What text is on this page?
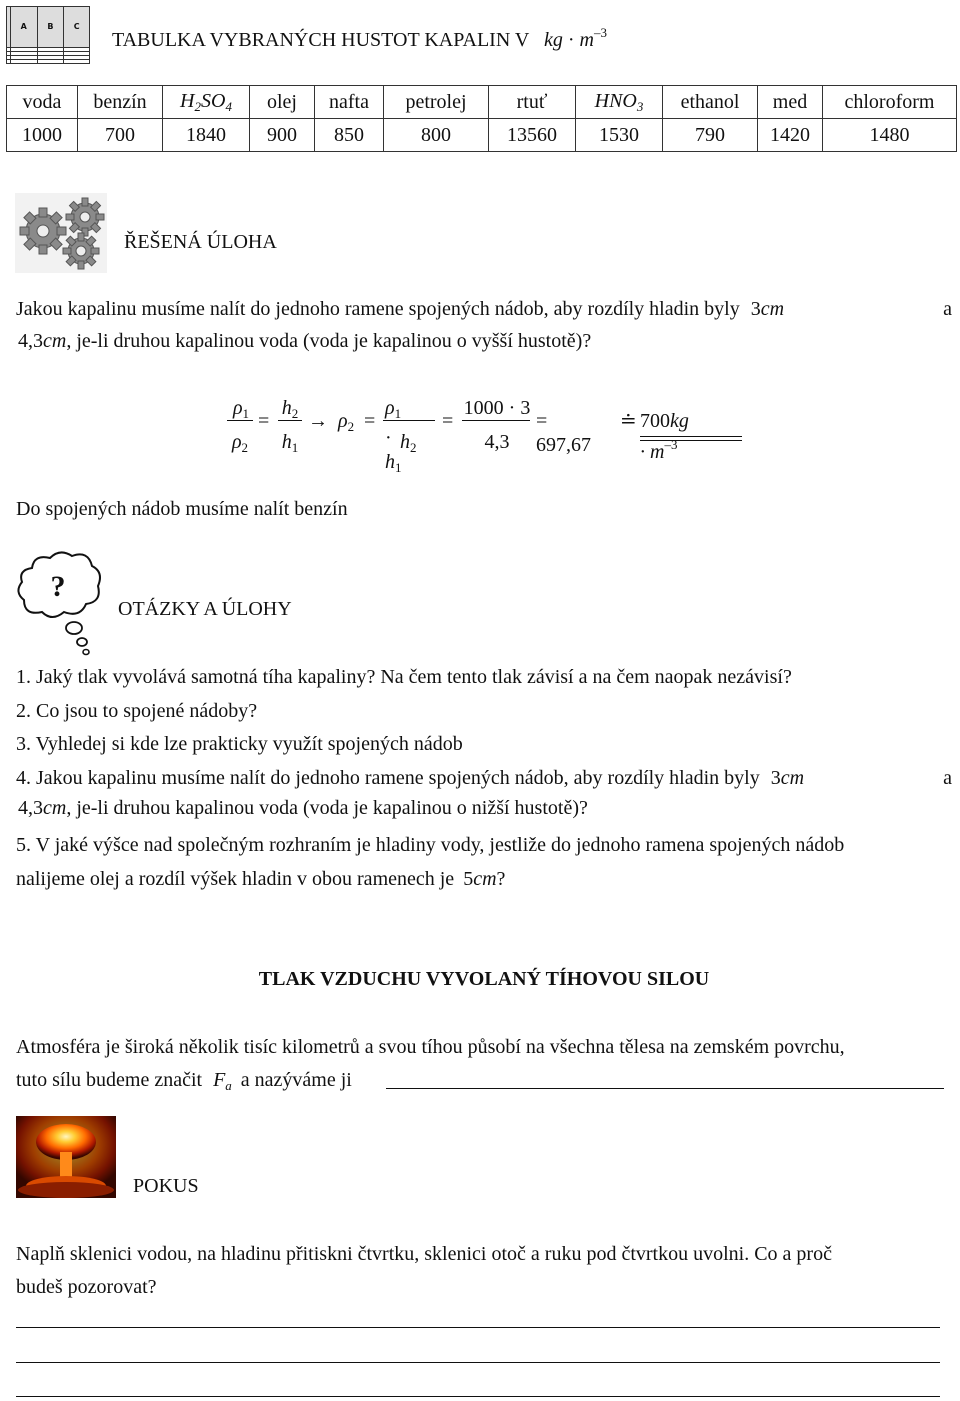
	A	B	C

TABULKA VYBRANÝCH HUSTOT KAPALIN V kg · $m^{-3}$
voda	benzín	$H_2SO_4$	olej	nafta	petrolej	rtuť	$HNO_3$	ethanol	med	chloroform
1000	700	1840	900	850	800	13560	1530	790	1420	1480
ŘEŠENÁ ÚLOHA
Jakou kapalinu musíme nalít do jednoho ramene spojených nádob, aby rozdíly hladin byly 3cm	a
4,3cm, je-li druhou kapalinou voda (voda je kapalinou o vyšší hustotě)?
$\rho_1$
$\rho_2$
=
$h_2$
$h_1$
→ $\rho_2$ =
$\rho_1 \cdot h_1$
$h_2$
=
1000 · 3
4,3
= 697,67
≐ $700kg \cdot m^{-3}$
Do spojených nádob musíme nalít benzín
?
OTÁZKY A ÚLOHY
1. Jaký tlak vyvolává samotná tíha kapaliny? Na čem tento tlak závisí a na čem naopak nezávisí?
2. Co jsou to spojené nádoby?
3. Vyhledej si kde lze prakticky využít spojených nádob
4. Jakou kapalinu musíme nalít do jednoho ramene spojených nádob, aby rozdíly hladin byly 3cm	a
4,3cm, je-li druhou kapalinou voda (voda je kapalinou o nižší hustotě)?
5. V jaké výšce nad společným rozhraním je hladiny vody, jestliže do jednoho ramena spojených nádob
nalijeme olej a rozdíl výšek hladin v obou ramenech je 5cm?
TLAK VZDUCHU VYVOLANÝ TÍHOVOU SILOU
Atmosféra je široká několik tisíc kilometrů a svou tíhou působí na všechna tělesa na zemském povrchu,
tuto sílu budeme značit $F_a$ a nazýváme ji
POKUS
Naplň sklenici vodou, na hladinu přitiskni čtvrtku, sklenici otoč a ruku pod čtvrtkou uvolni. Co a proč
budeš pozorovat?
